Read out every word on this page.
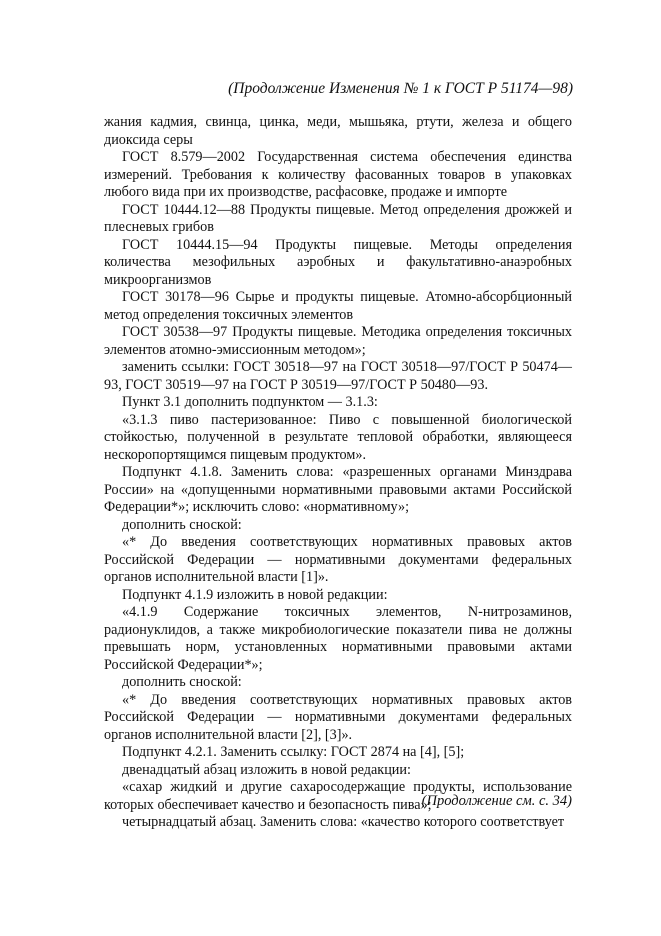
(Продолжение Изменения № 1 к ГОСТ Р 51174—98)

жания кадмия, свинца, цинка, меди, мышьяка, ртути, железа и общего диоксида серы

ГОСТ 8.579—2002 Государственная система обеспечения единства измерений. Требования к количеству фасованных товаров в упаковках любого вида при их производстве, расфасовке, продаже и импорте

ГОСТ 10444.12—88 Продукты пищевые. Метод определения дрожжей и плесневых грибов

ГОСТ 10444.15—94 Продукты пищевые. Методы определения количества мезофильных аэробных и факультативно-анаэробных микроорганизмов

ГОСТ 30178—96 Сырье и продукты пищевые. Атомно-абсорбционный метод определения токсичных элементов

ГОСТ 30538—97 Продукты пищевые. Методика определения токсичных элементов атомно-эмиссионным методом»;

заменить ссылки: ГОСТ 30518—97 на ГОСТ 30518—97/ГОСТ Р 50474—93, ГОСТ 30519—97 на ГОСТ Р 30519—97/ГОСТ Р 50480—93.

Пункт 3.1 дополнить подпунктом — 3.1.3:

«3.1.3 пиво пастеризованное: Пиво с повышенной биологической стойкостью, полученной в результате тепловой обработки, являющееся нескоропортящимся пищевым продуктом».

Подпункт 4.1.8. Заменить слова: «разрешенных органами Минздрава России» на «допущенными нормативными правовыми актами Российской Федерации*»; исключить слово: «нормативному»;

дополнить сноской:

«* До введения соответствующих нормативных правовых актов Российской Федерации — нормативными документами федеральных органов исполнительной власти [1]».

Подпункт 4.1.9 изложить в новой редакции:

«4.1.9 Содержание токсичных элементов, N-нитрозаминов, радионуклидов, а также микробиологические показатели пива не должны превышать норм, установленных нормативными правовыми актами Российской Федерации*»;

дополнить сноской:

«* До введения соответствующих нормативных правовых актов Российской Федерации — нормативными документами федеральных органов исполнительной власти [2], [3]».

Подпункт 4.2.1. Заменить ссылку: ГОСТ 2874 на [4], [5];

двенадцатый абзац изложить в новой редакции:

«сахар жидкий и другие сахаросодержащие продукты, использование которых обеспечивает качество и безопасность пива»;

четырнадцатый абзац. Заменить слова: «качество которого соответствует

(Продолжение см. с. 34)
